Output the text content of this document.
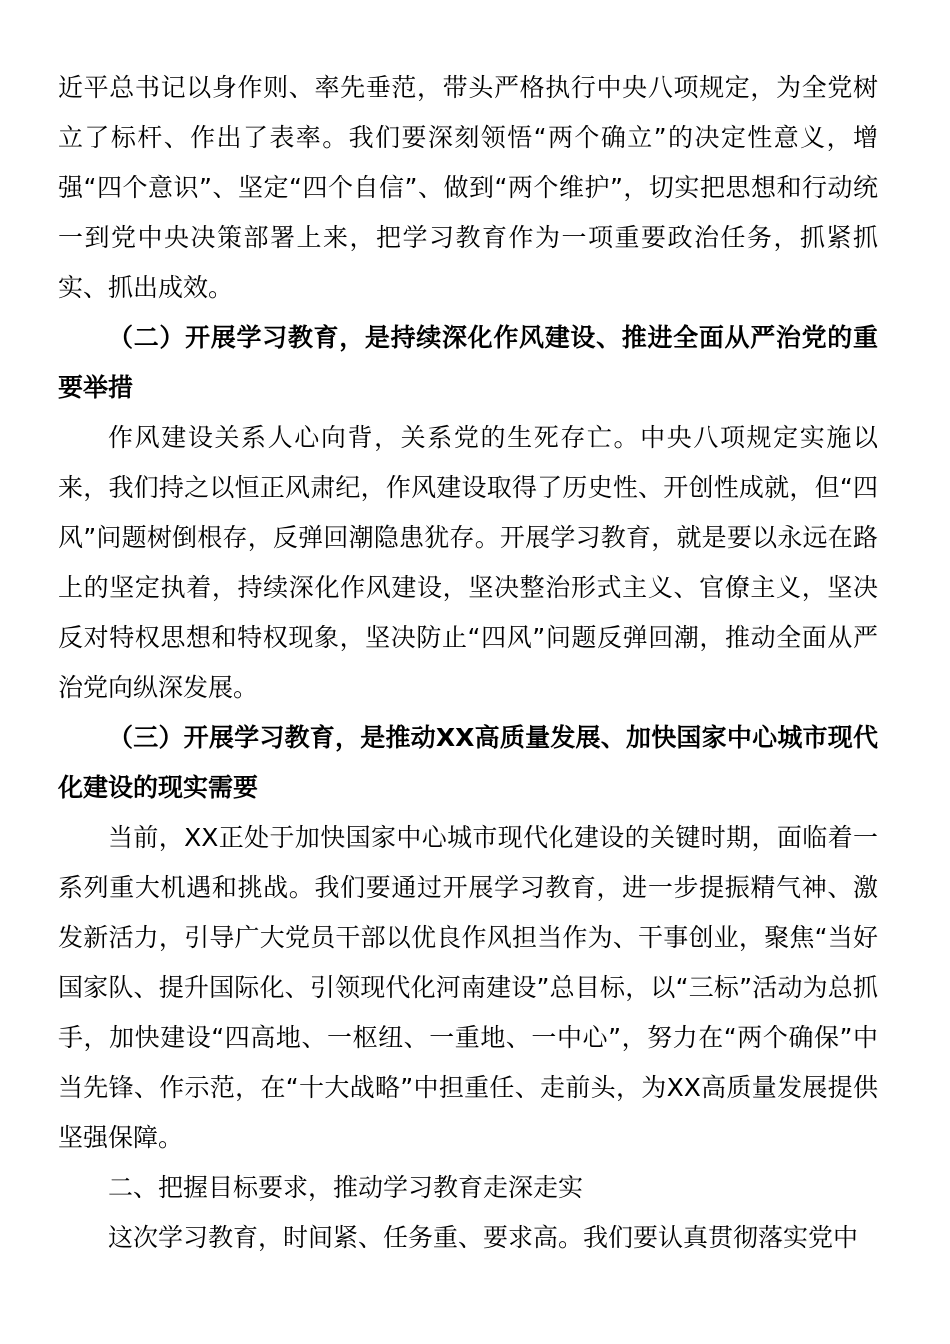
近平总书记以身作则、率先垂范，带头严格执行中央八项规定，为全党树立了标杆、作出了表率。我们要深刻领悟“两个确立”的决定性意义，增强“四个意识”、坚定“四个自信”、做到“两个维护”，切实把思想和行动统一到党中央决策部署上来，把学习教育作为一项重要政治任务，抓紧抓实、抓出成效。

（二）开展学习教育，是持续深化作风建设、推进全面从严治党的重要举措

作风建设关系人心向背，关系党的生死存亡。中央八项规定实施以来，我们持之以恒正风肃纪，作风建设取得了历史性、开创性成就，但“四风”问题树倒根存，反弹回潮隐患犹存。开展学习教育，就是要以永远在路上的坚定执着，持续深化作风建设，坚决整治形式主义、官僚主义，坚决反对特权思想和特权现象，坚决防止“四风”问题反弹回潮，推动全面从严治党向纵深发展。

（三）开展学习教育，是推动XX高质量发展、加快国家中心城市现代化建设的现实需要

当前，XX正处于加快国家中心城市现代化建设的关键时期，面临着一系列重大机遇和挑战。我们要通过开展学习教育，进一步提振精气神、激发新活力，引导广大党员干部以优良作风担当作为、干事创业，聚焦“当好国家队、提升国际化、引领现代化河南建设”总目标，以“三标”活动为总抓手，加快建设“四高地、一枢纽、一重地、一中心”，努力在“两个确保”中当先锋、作示范，在“十大战略”中担重任、走前头，为XX高质量发展提供坚强保障。

二、把握目标要求，推动学习教育走深走实

这次学习教育，时间紧、任务重、要求高。我们要认真贯彻落实党中
